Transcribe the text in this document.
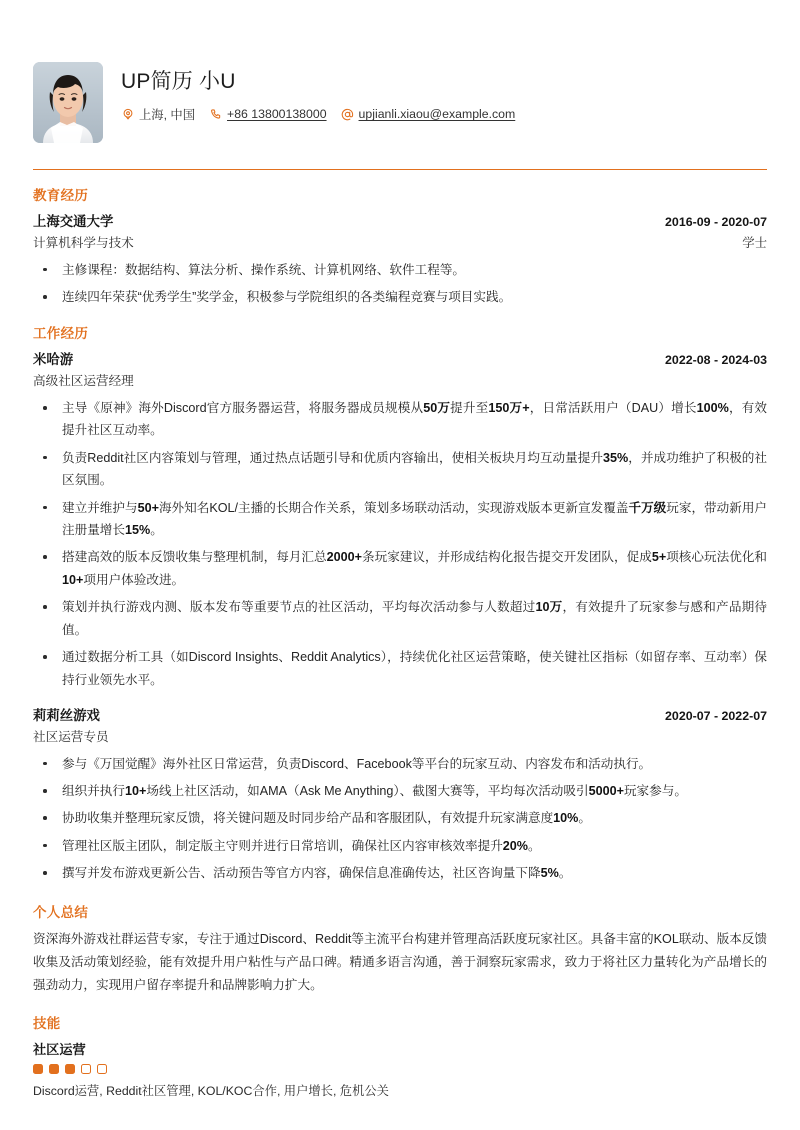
UP简历 小U
上海, 中国	+86 13800138000	upjianli.xiaou@example.com
教育经历
上海交通大学	2016-09 - 2020-07
计算机科学与技术	学士
主修课程：数据结构、算法分析、操作系统、计算机网络、软件工程等。
连续四年荣获“优秀学生”奖学金，积极参与学院组织的各类编程竞赛与项目实践。
工作经历
米哈游	2022-08 - 2024-03
高级社区运营经理
主导《原神》海外Discord官方服务器运营，将服务器成员规模从50万提升至150万+，日常活跃用户（DAU）增长100%，有效提升社区互动率。
负责Reddit社区内容策划与管理，通过热点话题引导和优质内容输出，使相关板块月均互动量提升35%，并成功维护了积极的社区氛围。
建立并维护与50+海外知名KOL/主播的长期合作关系，策划多场联动活动，实现游戏版本更新宣发覆盖千万级玩家，带动新用户注册量增长15%。
搭建高效的版本反馈收集与整理机制，每月汇总2000+条玩家建议，并形成结构化报告提交开发团队，促成5+项核心玩法优化和10+项用户体验改进。
策划并执行游戏内测、版本发布等重要节点的社区活动，平均每次活动参与人数超过10万，有效提升了玩家参与感和产品期待值。
通过数据分析工具（如Discord Insights、Reddit Analytics），持续优化社区运营策略，使关键社区指标（如留存率、互动率）保持行业领先水平。
莉莉丝游戏	2020-07 - 2022-07
社区运营专员
参与《万国觉醒》海外社区日常运营，负责Discord、Facebook等平台的玩家互动、内容发布和活动执行。
组织并执行10+场线上社区活动，如AMA（Ask Me Anything）、截图大赛等，平均每次活动吸引5000+玩家参与。
协助收集并整理玩家反馈，将关键问题及时同步给产品和客服团队，有效提升玩家满意度10%。
管理社区版主团队，制定版主守则并进行日常培训，确保社区内容审核效率提升20%。
撰写并发布游戏更新公告、活动预告等官方内容，确保信息准确传达，社区咨询量下降5%。
个人总结
资深海外游戏社群运营专家，专注于通过Discord、Reddit等主流平台构建并管理高活跃度玩家社区。具备丰富的KOL联动、版本反馈收集及活动策划经验，能有效提升用户粘性与产品口碑。精通多语言沟通，善于洞察玩家需求，致力于将社区力量转化为产品增长的强劲动力，实现用户留存率提升和品牌影响力扩大。
技能
社区运营
Discord运营, Reddit社区管理, KOL/KOC合作, 用户增长, 危机公关
